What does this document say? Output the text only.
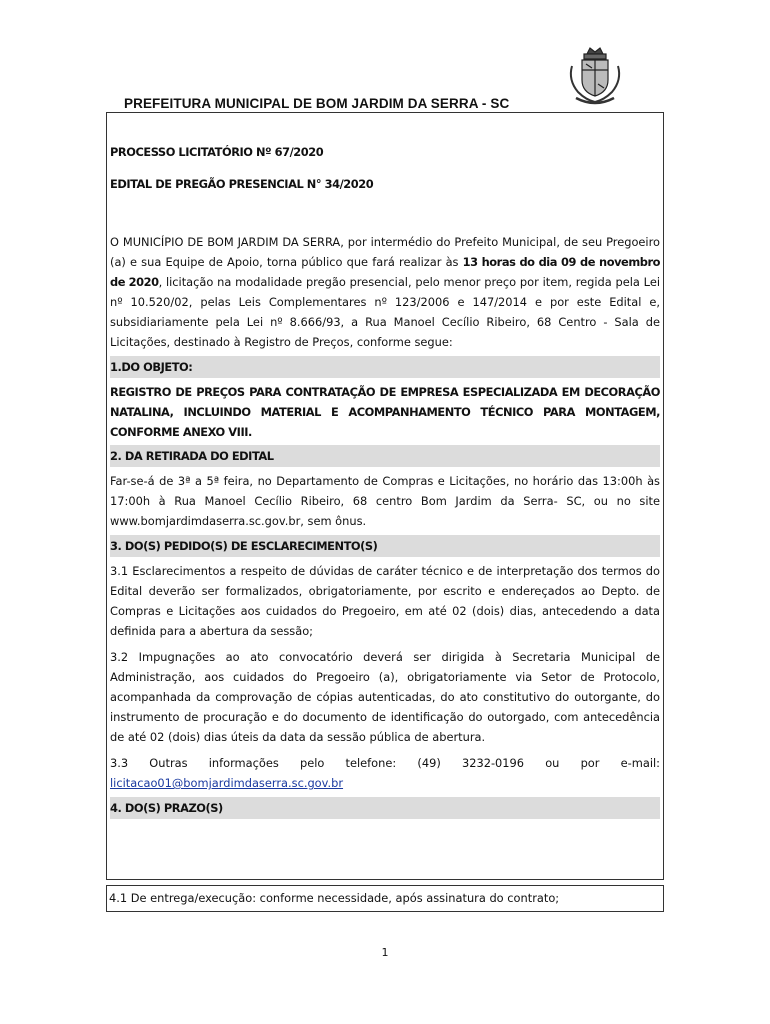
PREFEITURA MUNICIPAL DE BOM JARDIM DA SERRA - SC

PROCESSO LICITATÓRIO Nº 67/2020

EDITAL DE PREGÃO PRESENCIAL N° 34/2020

O MUNICÍPIO DE BOM JARDIM DA SERRA, por intermédio do Prefeito Municipal, de seu Pregoeiro (a) e sua Equipe de Apoio, torna público que fará realizar às 13 horas do dia 09 de novembro de 2020, licitação na modalidade pregão presencial, pelo menor preço por item, regida pela Lei nº 10.520/02, pelas Leis Complementares nº 123/2006 e 147/2014 e por este Edital e, subsidiariamente pela Lei nº 8.666/93, a Rua Manoel Cecílio Ribeiro, 68 Centro - Sala de Licitações, destinado à Registro de Preços, conforme segue:

1.DO OBJETO:

REGISTRO DE PREÇOS PARA CONTRATAÇÃO DE EMPRESA ESPECIALIZADA EM DECORAÇÃO NATALINA, INCLUINDO MATERIAL E ACOMPANHAMENTO TÉCNICO PARA MONTAGEM, CONFORME ANEXO VIII.

2. DA RETIRADA DO EDITAL

Far-se-á de 3ª a 5ª feira, no Departamento de Compras e Licitações, no horário das 13:00h às 17:00h à Rua Manoel Cecílio Ribeiro, 68 centro Bom Jardim da Serra- SC, ou no site www.bomjardimdaserra.sc.gov.br, sem ônus.

3. DO(S) PEDIDO(S) DE ESCLARECIMENTO(S)

3.1 Esclarecimentos a respeito de dúvidas de caráter técnico e de interpretação dos termos do Edital deverão ser formalizados, obrigatoriamente, por escrito e endereçados ao Depto. de Compras e Licitações aos cuidados do Pregoeiro, em até 02 (dois) dias, antecedendo a data definida para a abertura da sessão;

3.2 Impugnações ao ato convocatório deverá ser dirigida à Secretaria Municipal de Administração, aos cuidados do Pregoeiro (a), obrigatoriamente via Setor de Protocolo, acompanhada da comprovação de cópias autenticadas, do ato constitutivo do outorgante, do instrumento de procuração e do documento de identificação do outorgado, com antecedência de até 02 (dois) dias úteis da data da sessão pública de abertura.

3.3 Outras informações pelo telefone: (49) 3232-0196 ou por e-mail:

licitacao01@bomjardimdaserra.sc.gov.br

4. DO(S) PRAZO(S)

4.1 De entrega/execução: conforme necessidade, após assinatura do contrato;
1
